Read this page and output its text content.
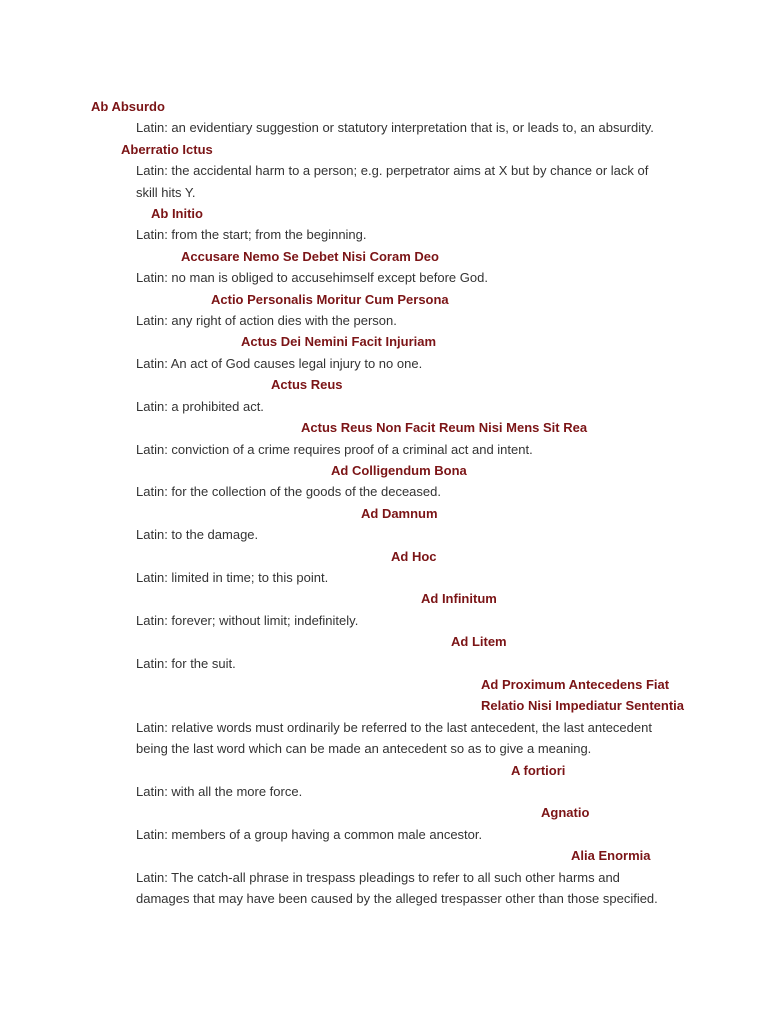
Ab Absurdo
Latin: an evidentiary suggestion or statutory interpretation that is, or leads to, an absurdity.
Aberratio Ictus
Latin: the accidental harm to a person; e.g. perpetrator aims at X but by chance or lack of skill hits Y.
Ab Initio
Latin: from the start; from the beginning.
Accusare Nemo Se Debet Nisi Coram Deo
Latin: no man is obliged to accusehimself except before God.
Actio Personalis Moritur Cum Persona
Latin: any right of action dies with the person.
Actus Dei Nemini Facit Injuriam
Latin: An act of God causes legal injury to no one.
Actus Reus
Latin: a prohibited act.
Actus Reus Non Facit Reum Nisi Mens Sit Rea
Latin: conviction of a crime requires proof of a criminal act and intent.
Ad Colligendum Bona
Latin: for the collection of the goods of the deceased.
Ad Damnum
Latin: to the damage.
Ad Hoc
Latin: limited in time; to this point.
Ad Infinitum
Latin: forever; without limit; indefinitely.
Ad Litem
Latin: for the suit.
Ad Proximum Antecedens Fiat Relatio Nisi Impediatur Sententia
Latin: relative words must ordinarily be referred to the last antecedent, the last antecedent being the last word which can be made an antecedent so as to give a meaning.
A fortiori
Latin: with all the more force.
Agnatio
Latin: members of a group having a common male ancestor.
Alia Enormia
Latin: The catch-all phrase in trespass pleadings to refer to all such other harms and damages that may have been caused by the alleged trespasser other than those specified.
